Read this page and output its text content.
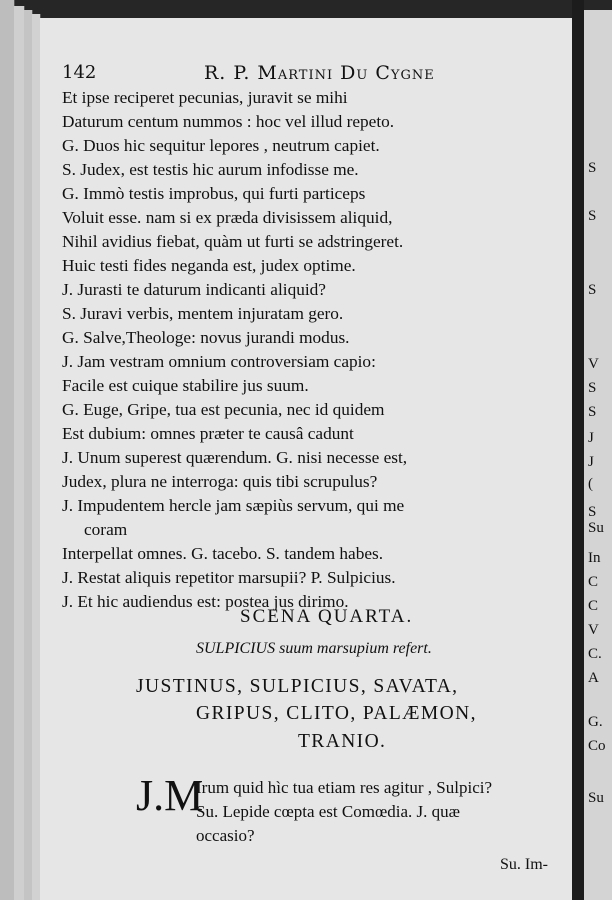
S
S
S
V
S
S
J
J
(
S
Su
In
C
C
V
C.
A
G.
Co
Su
142	R. P. Martini Du Cygne
Et ipse reciperet pecunias, juravit se mihi
Daturum centum nummos : hoc vel illud repeto.
G. Duos hic sequitur lepores , neutrum capiet.
S. Judex, est testis hic aurum infodisse me.
G. Immò testis improbus, qui furti particeps
Voluit esse. nam si ex præda divisissem aliquid,
Nihil avidius fiebat, quàm ut furti se adstringeret.
Huic testi fides neganda est, judex optime.
J. Jurasti te daturum indicanti aliquid?
S. Juravi verbis, mentem injuratam gero.
G. Salve,Theologe: novus jurandi modus.
J. Jam vestram omnium controversiam capio:
Facile est cuique stabilire jus suum.
G. Euge, Gripe, tua est pecunia, nec id quidem
Est dubium: omnes præter te causâ cadunt
J. Unum superest quærendum. G. nisi necesse est,
Judex, plura ne interroga: quis tibi scrupulus?
J. Impudentem hercle jam sæpiùs servum, qui me
coram
Interpellat omnes. G. tacebo. S. tandem habes.
J. Restat aliquis repetitor marsupii? P. Sulpicius.
J. Et hic audiendus est: postea jus dirimo.
SCENA QUARTA.
SULPICIUS suum marsupium refert.
JUSTINUS, SULPICIUS, SAVATA,
GRIPUS, CLITO, PALÆMON,
TRANIO.
J.M
Irum quid hìc tua etiam res agitur , Sulpici?
Su. Lepide cœpta est Comœdia. J. quæ
occasio?
Su. Im-
